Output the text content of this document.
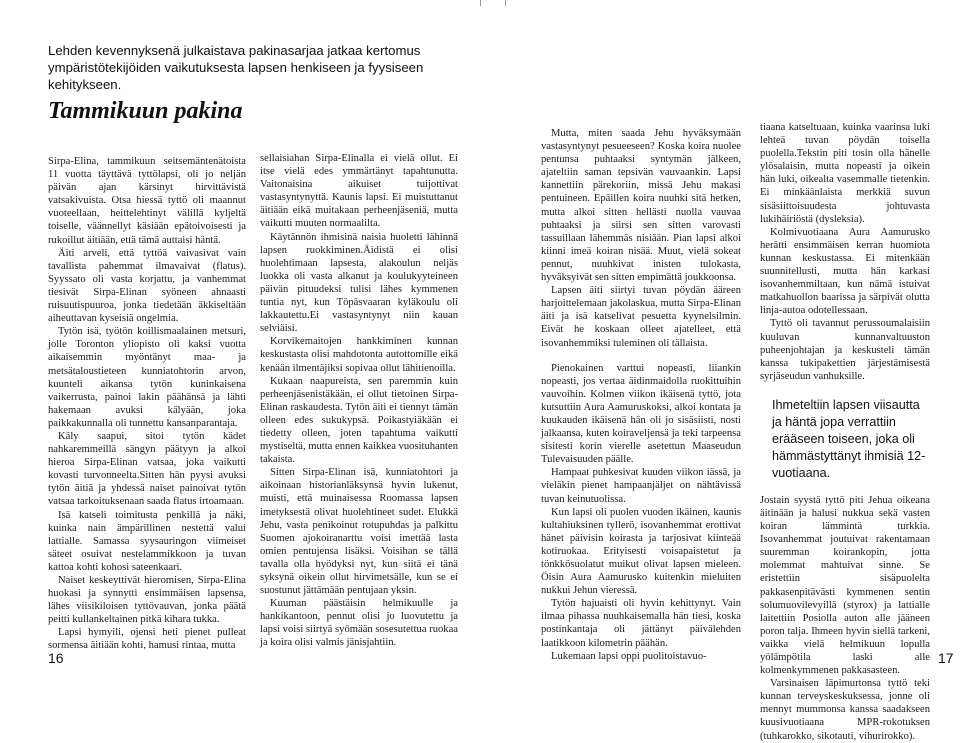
Lehden kevennyksenä julkaistava pakinasarjaa jatkaa kertomus ympäristötekijöiden vaikutuksesta lapsen henkiseen ja fyysiseen kehitykseen.
Tammikuun pakina

Sirpa-Elina, tammikuun seitsemäntenätoista 11 vuotta täyttävä tyttölapsi, oli jo neljän päivän ajan kärsinyt hirvittävistä vatsakivuista. Otsa hiessä tyttö oli maannut vuoteellaan, heittelehtinyt välillä kyljeltä toiselle, väännellyt käsiään epätoivoisesti ja rukoillut äitiään, että tämä auttaisi häntä.

Äiti arveli, että tyttöä vaivasivat vain tavallista pahemmat ilmavaivat (flatus). Syyssato oli vasta korjattu, ja vanhemmat tiesivät Sirpa-Elinan syöneen ahnaasti ruisuutispuuroa, jonka tiedetään äkkiseltään aiheuttavan kyseisiä ongelmia.

Tytön isä, työtön koillismaalainen metsuri, jolle Toronton yliopisto oli kaksi vuotta aikaisemmin myöntänyt maa- ja metsätaloustieteen kunniatohtorin arvon, kuunteli aikansa tytön kuninkaisena vaikerrusta, painoi lakin päähänsä ja lähti hakemaan avuksi kälyään, joka paikkakunnalla oli tunnettu kansanparantaja.

Käly saapui, sitoi tytön kädet nahkaremmeillä sängyn päätyyn ja alkoi hieroa Sirpa-Elinan vatsaa, joka vaikutti kovasti turvonneelta.Sitten hän pyysi avuksi tytön äitiä ja yhdessä naiset painoivat tytön vatsaa tarkoituksenaan saada flatus irtoamaan.

Isä katseli toimitusta penkillä ja näki, kuinka nain ämpärillinen nestettä valui lattialle. Samassa syysauringon viimeiset säteet osuivat nestelammikkoon ja tuvan kattoa kohti kohosi sateenkaari.

Naiset keskeyttivät hieromisen, Sirpa-Elina huokasi ja synnytti ensimmäisen lapsensa, lähes viisikiloisen tyttövauvan, jonka päätä peitti kullankeltainen pitkä kihara tukka.

Lapsi hymyili, ojensi heti pienet pulleat sormensa äitiään kohti, hamusi rintaa, mutta

sellaisiahan Sirpa-Elinalla ei vielä ollut. Ei itse vielä edes ymmärtänyt tapahtunutta. Vaitonaisina aikuiset tuijottivat vastasyntynyttä. Kaunis lapsi. Ei muistuttanut äitiään eikä muitakaan perheenjäseniä, mutta vaikutti muuten normaalilta.

Käytännön ihmisinä naisia huoletti lähinnä lapsen ruokkiminen.Äidistä ei olisi huolehtimaan lapsesta, alakoulun neljäs luokka oli vasta alkanut ja koulukyyteineen päivän pituudeksi tulisi lähes kymmenen tuntia nyt, kun Töpäsvaaran kyläkoulu oli lakkautettu.Ei vastasyntynyt niin kauan selviäisi.

Korvikemaitojen hankkiminen kunnan keskustasta olisi mahdotonta autottomille eikä kenään ilmentäjiksi sopivaa ollut lähitienoilla.

Kukaan naapureista, sen paremmin kuin perheenjäsenistäkään, ei ollut tietoinen Sirpa-Elinan raskaudesta. Tytön äiti ei tiennyt tämän olleen edes sukukypsä. Poikastyiäkään ei tiedetty olleen, joten tapahtuma vaikutti mystiseltä, mutta ennen kaikkea vuosituhanten takaista.

Sitten Sirpa-Elinan isä, kunniatohtori ja aikoinaan historianläksynsä hyvin lukenut, muisti, että muinaisessa Roomassa lapsen imetyksestä olivat huolehtineet sudet. Elukkä Jehu, vasta penikoinut rotupuhdas ja palkittu Suomen ajokoiranarttu voisi imettää lasta omien pentujensa lisäksi. Voisihan se tällä tavalla olla hyödyksi nyt, kun siitä ei tänä syksynä oikein ollut hirvimetsälle, kun se ei suostunut jättämään pentujaan yksin.

Kuuman päästäisin helmikuulle ja hankikantoon, pennut olisi jo luovutettu ja lapsi voisi siirtyä syömään sosesutettua ruokaa ja koira olisi valmis jänisjahtiin.

Mutta, miten saada Jehu hyväksymään vastasyntynyt pesueeseen? Koska koira nuolee pentunsa puhtaaksi syntymän jälkeen, ajateltiin saman tepsivän vauvaankin. Lapsi kannettiin pärekoriin, missä Jehu makasi pentuineen. Epäillen koira nuuhki sitä hetken, mutta alkoi sitten hellästi nuolla vauvaa puhtaaksi ja siirsi sen sitten varovasti tassuillaan lähemmäs nisiään. Pian lapsi alkoi kiinni imeä koiran nisää. Muut, vielä sokeat pennut, nuuhkivat inisten tulokasta, hyväksyivät sen sitten empimättä joukkoonsa.

Lapsen äiti siirtyi tuvan pöydän ääreen harjoittelemaan jakolaskua, mutta Sirpa-Elinan äiti ja isä katselivat pesuetta kyynelsilmin. Eivät he koskaan olleet ajatelleet, että isovanhemmiksi tuleminen oli tällaista.

Pienokainen varttui nopeasti, liiankin nopeasti, jos vertaa äidinmaidolla ruokittuihin vauvoihin. Kolmen viikon ikäisenä tyttö, jota kutsuttiin Aura Aamuruskoksi, alkoi kontata ja kuukauden ikäisenä hän oli jo sisäsiisti, nosti jalkaansa, kuten koiraveljensä ja teki tarpeensa sisitesti korin vierelle asetettun Maaseudun Tulevaisuuden päälle.

Hampaat puhkesivat kuuden viikon iässä, ja vieläkin pienet hampaanjäljet on nähtävissä tuvan keinutuolissa.

Kun lapsi oli puolen vuoden ikäinen, kaunis kultahiuksinen tyllerö, isovanhemmat erottivat hänet päivisin koirasta ja tarjosivat kiinteää kotiruokaa. Erityisesti voisapaistetut ja tönkkösuolatut muikut olivat lapsen mieleen. Öisin Aura Aamurusko kuitenkin mieluiten nukkui Jehun vieressä.

Tytön hajuaisti oli hyvin kehittynyt. Vain ilmaa pihassa nuuhkaisemalla hän tiesi, koska postinkantaja oli jättänyt päivälehden laatikkoon kilometrin päähän.

Lukemaan lapsi oppi puolitoistavuo-

tiaana katseltuaan, kuinka vaarinsa luki lehteä tuvan pöydän toisella puolella.Tekstin piti tosin olla hänelle ylösalaisin, mutta nopeasti ja oikein hän luki, oikealta vasemmalle tietenkin. Ei minkäänlaista merkkiä suvun sisäsiittoisuudesta johtuvasta lukihäiriöstä (dysleksia).

Kolmivuotiaana Aura Aamurusko herätti ensimmäisen kerran huomiota kunnan keskustassa. Ei mitenkään suunnitellusti, mutta hän karkasi isovanhemmiltaan, kun nämä istuivat matkahuollon baarissa ja särpivät oluttа linja-autoa odotellessaan.

Tyttö oli tavannut perussoumalaisiin kuuluvan kunnanvaltuuston puheenjohtajan ja keskusteli tämän kanssa tukipakettien järjestämisestä syrjäseudun vanhuksille.

Ihmeteltiin lapsen viisautta ja häntä jopa verrattiin erääseen toiseen, joka oli hämmästyttänyt ihmisiä 12-vuotiaana.

Jostain syystä tyttö piti Jehua oikeana äitinään ja halusi nukkua sekä vasten koiran lämmintä turkkia. Isovanhemmat joutuivat rakentamaan suuremman koirankopin, jotta molemmat mahtuivat sinne. Se eristettiin sisäpuolelta pakkasenpitävästi kymmenen sentin solumuovilevyillä (styrox) ja lattialle laitettiin Posiolla auton alle jääneen poron talja. Ihmeen hyvin siellä tarkeni, vaikka vielä helmikuun lopulla yölämpötila laski alle kolmenkymmenen pakkasasteen.

Varsinaisen läpimurtonsa tyttö teki kunnan terveyskeskuksessa, jonne oli mennyt mummonsa kanssa saadakseen kuusivuotiaana MPR-rokotuksen (tuhkarokko, sikotauti, vihurirokko).

16	17
